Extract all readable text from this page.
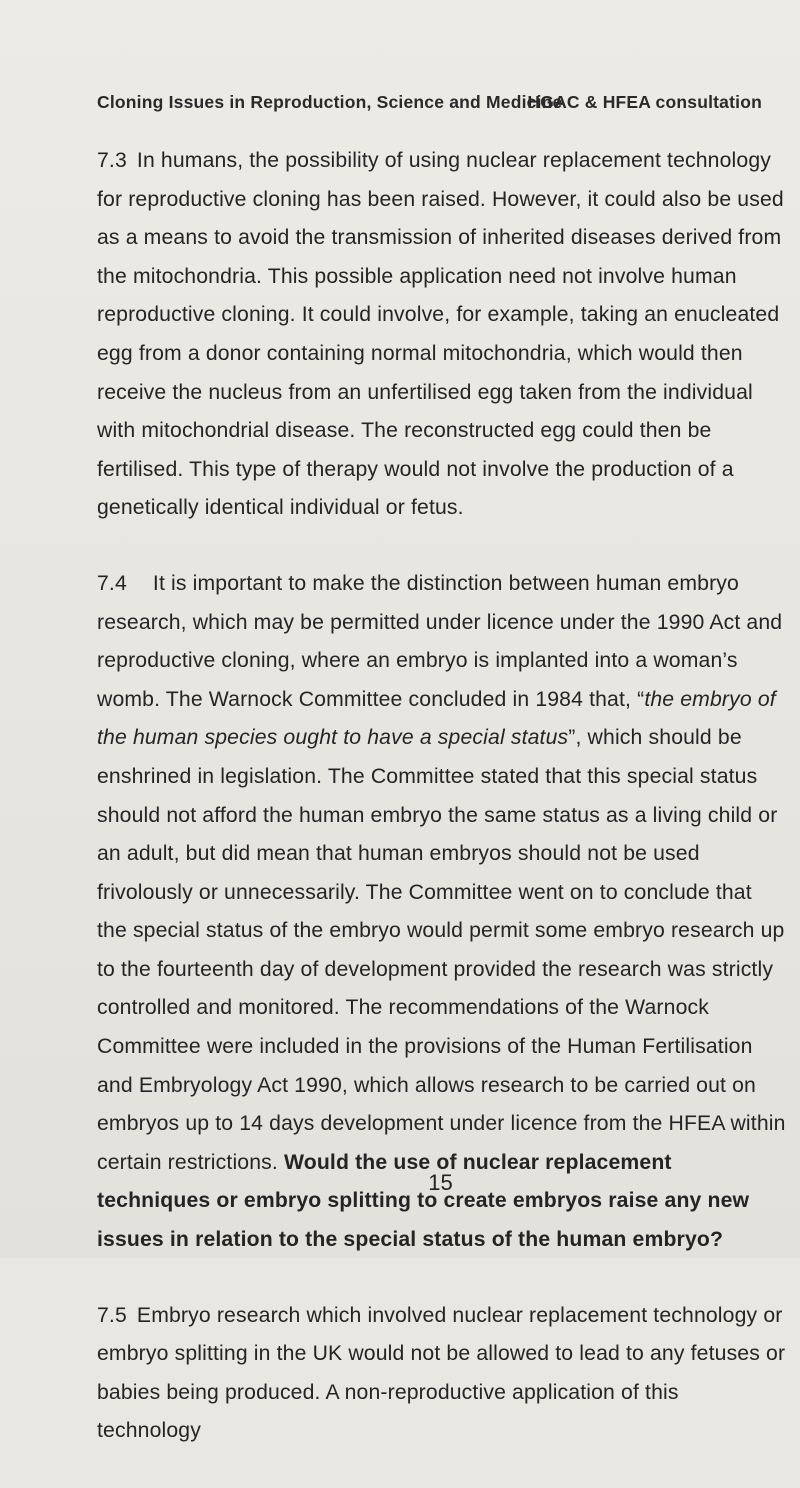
Cloning Issues in Reproduction, Science and Medicine
HGAC & HFEA consultation

7.3 In humans, the possibility of using nuclear replacement technology for reproductive cloning has been raised. However, it could also be used as a means to avoid the transmission of inherited diseases derived from the mitochondria. This possible application need not involve human reproductive cloning. It could involve, for example, taking an enucleated egg from a donor containing normal mitochondria, which would then receive the nucleus from an unfertilised egg taken from the individual with mitochondrial disease. The reconstructed egg could then be fertilised. This type of therapy would not involve the production of a genetically identical individual or fetus.

7.4 It is important to make the distinction between human embryo research, which may be permitted under licence under the 1990 Act and reproductive cloning, where an embryo is implanted into a woman’s womb. The Warnock Committee concluded in 1984 that, “the embryo of the human species ought to have a special status”, which should be enshrined in legislation. The Committee stated that this special status should not afford the human embryo the same status as a living child or an adult, but did mean that human embryos should not be used frivolously or unnecessarily. The Committee went on to conclude that the special status of the embryo would permit some embryo research up to the fourteenth day of development provided the research was strictly controlled and monitored. The recommendations of the Warnock Committee were included in the provisions of the Human Fertilisation and Embryology Act 1990, which allows research to be carried out on embryos up to 14 days development under licence from the HFEA within certain restrictions. Would the use of nuclear replacement techniques or embryo splitting to create embryos raise any new issues in relation to the special status of the human embryo?

7.5 Embryo research which involved nuclear replacement technology or embryo splitting in the UK would not be allowed to lead to any fetuses or babies being produced. A non-reproductive application of this technology

15
